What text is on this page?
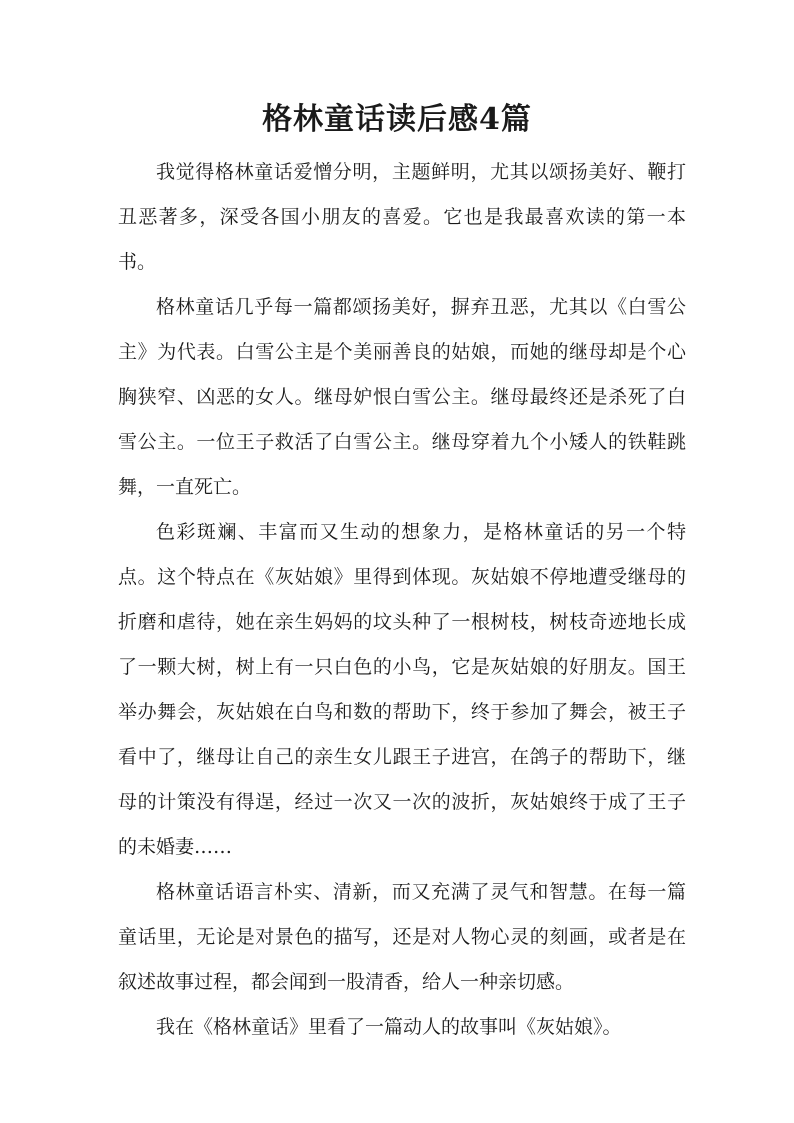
格林童话读后感4篇

我觉得格林童话爱憎分明，主题鲜明，尤其以颂扬美好、鞭打丑恶著多，深受各国小朋友的喜爱。它也是我最喜欢读的第一本书。

格林童话几乎每一篇都颂扬美好，摒弃丑恶，尤其以《白雪公主》为代表。白雪公主是个美丽善良的姑娘，而她的继母却是个心胸狭窄、凶恶的女人。继母妒恨白雪公主。继母最终还是杀死了白雪公主。一位王子救活了白雪公主。继母穿着九个小矮人的铁鞋跳舞，一直死亡。

色彩斑斓、丰富而又生动的想象力，是格林童话的另一个特点。这个特点在《灰姑娘》里得到体现。灰姑娘不停地遭受继母的折磨和虐待，她在亲生妈妈的坟头种了一根树枝，树枝奇迹地长成了一颗大树，树上有一只白色的小鸟，它是灰姑娘的好朋友。国王举办舞会，灰姑娘在白鸟和数的帮助下，终于参加了舞会，被王子看中了，继母让自己的亲生女儿跟王子进宫，在鸽子的帮助下，继母的计策没有得逞，经过一次又一次的波折，灰姑娘终于成了王子的未婚妻……

格林童话语言朴实、清新，而又充满了灵气和智慧。在每一篇童话里，无论是对景色的描写，还是对人物心灵的刻画，或者是在叙述故事过程，都会闻到一股清香，给人一种亲切感。

我在《格林童话》里看了一篇动人的故事叫《灰姑娘》。
